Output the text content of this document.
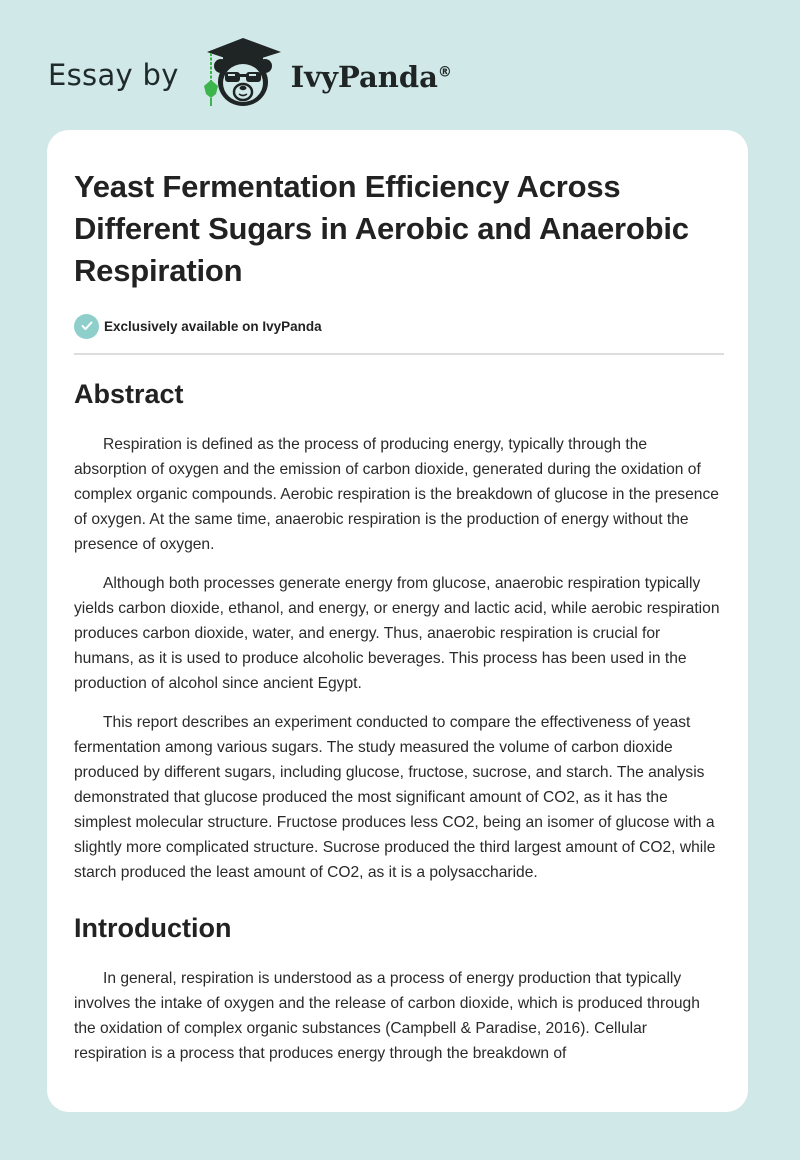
Essay by	IvyPanda®
Yeast Fermentation Efficiency Across Different Sugars in Aerobic and Anaerobic Respiration
Exclusively available on IvyPanda
Abstract

Respiration is defined as the process of producing energy, typically through the absorption of oxygen and the emission of carbon dioxide, generated during the oxidation of complex organic compounds. Aerobic respiration is the breakdown of glucose in the presence of oxygen. At the same time, anaerobic respiration is the production of energy without the presence of oxygen.

Although both processes generate energy from glucose, anaerobic respiration typically yields carbon dioxide, ethanol, and energy, or energy and lactic acid, while aerobic respiration produces carbon dioxide, water, and energy. Thus, anaerobic respiration is crucial for humans, as it is used to produce alcoholic beverages. This process has been used in the production of alcohol since ancient Egypt.

This report describes an experiment conducted to compare the effectiveness of yeast fermentation among various sugars. The study measured the volume of carbon dioxide produced by different sugars, including glucose, fructose, sucrose, and starch. The analysis demonstrated that glucose produced the most significant amount of CO2, as it has the simplest molecular structure. Fructose produces less CO2, being an isomer of glucose with a slightly more complicated structure. Sucrose produced the third largest amount of CO2, while starch produced the least amount of CO2, as it is a polysaccharide.

Introduction

In general, respiration is understood as a process of energy production that typically involves the intake of oxygen and the release of carbon dioxide, which is produced through the oxidation of complex organic substances (Campbell & Paradise, 2016). Cellular respiration is a process that produces energy through the breakdown of
